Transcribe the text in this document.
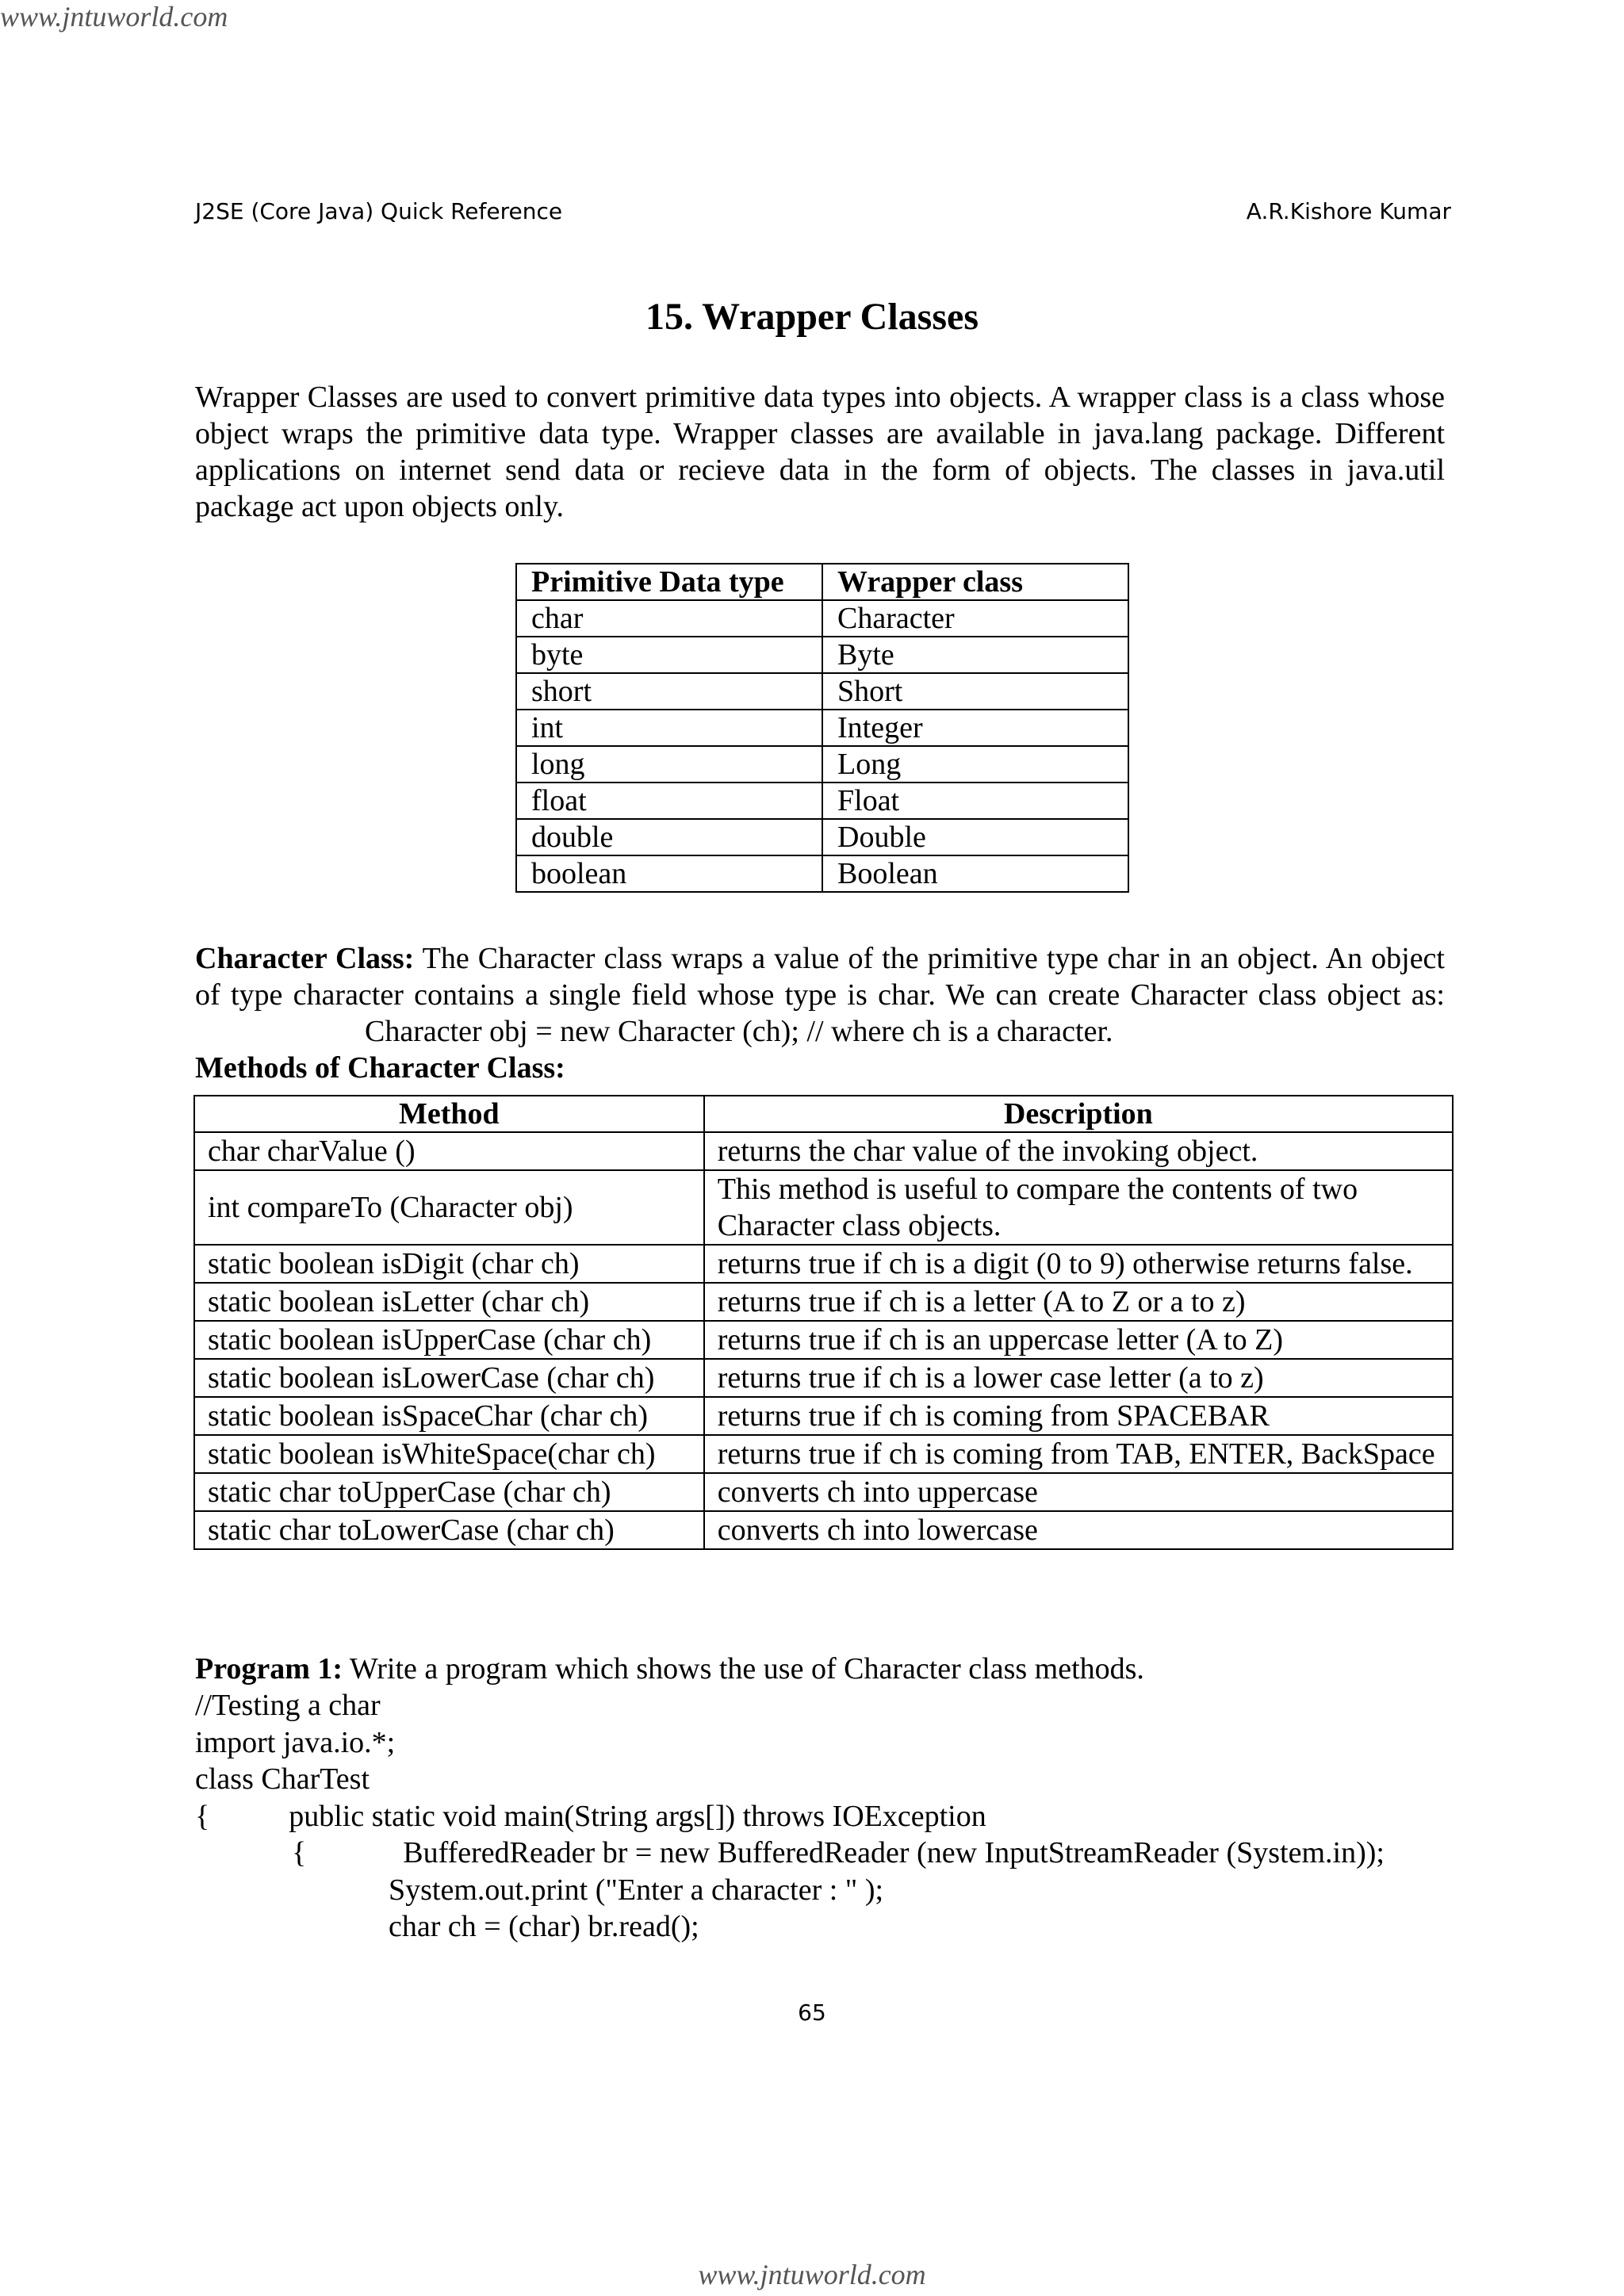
www.jntuworld.com
J2SE (Core Java) Quick Reference	A.R.Kishore Kumar
15. Wrapper Classes

Wrapper Classes are used to convert primitive data types into objects. A wrapper class is a class whose object wraps the primitive data type. Wrapper classes are available in java.lang package. Different applications on internet send data or recieve data in the form of objects. The classes in java.util package act upon objects only.

Primitive Data type	Wrapper class
char	Character
byte	Byte
short	Short
int	Integer
long	Long
float	Float
double	Double
boolean	Boolean

Character Class: The Character class wraps a value of the primitive type char in an object. An object of type character contains a single field whose type is char. We can create Character class object as:Character obj = new Character (ch); // where ch is a character.

Methods of Character Class:

Method	Description
char charValue ()	returns the char value of the invoking object.
int compareTo (Character obj)	This method is useful to compare the contents of two Character class objects.
static boolean isDigit (char ch)	returns true if ch is a digit (0 to 9) otherwise returns false.
static boolean isLetter (char ch)	returns true if ch is a letter (A to Z or a to z)
static boolean isUpperCase (char ch)	returns true if ch is an uppercase letter (A to Z)
static boolean isLowerCase (char ch)	returns true if ch is a lower case letter (a to z)
static boolean isSpaceChar (char ch)	returns true if ch is coming from SPACEBAR
static boolean isWhiteSpace(char ch)	returns true if ch is coming from TAB, ENTER, BackSpace
static char toUpperCase (char ch)	converts ch into uppercase
static char toLowerCase (char ch)	converts ch into lowercase

Program 1: Write a program which shows the use of Character class methods.

//Testing a char
import java.io.*;
class CharTest
{	public static void main(String args[]) throws IOException
{	BufferedReader br = new BufferedReader (new InputStreamReader (System.in));
System.out.print ("Enter a character : " );
char ch = (char) br.read();
65
www.jntuworld.com
